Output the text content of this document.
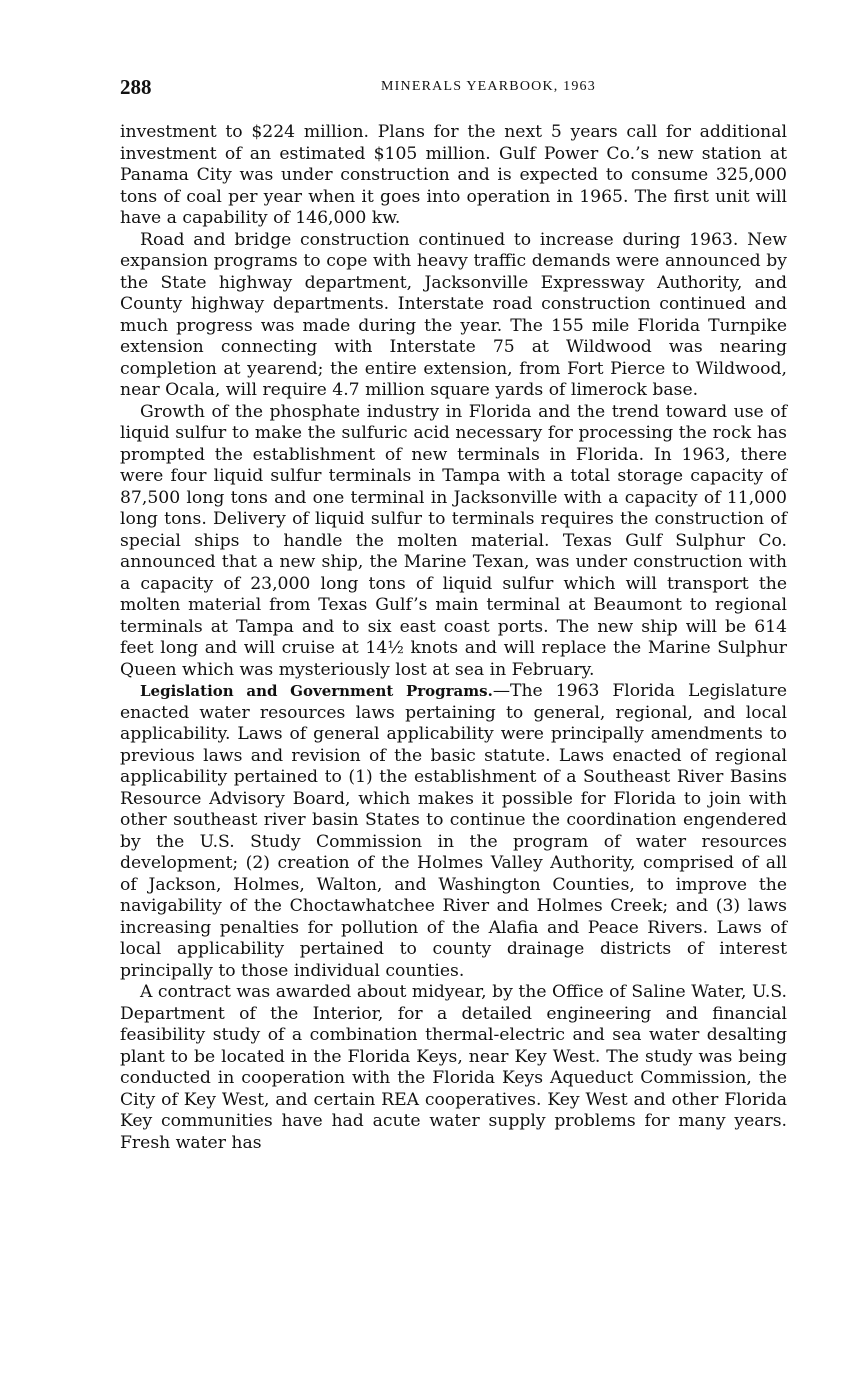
288	MINERALS YEARBOOK, 1963

investment to $224 million. Plans for the next 5 years call for additional investment of an estimated $105 million. Gulf Power Co.’s new station at Panama City was under construction and is expected to consume 325,000 tons of coal per year when it goes into operation in 1965. The first unit will have a capability of 146,000 kw.

Road and bridge construction continued to increase during 1963. New expansion programs to cope with heavy traffic demands were announced by the State highway department, Jacksonville Expressway Authority, and County highway departments. Interstate road construction continued and much progress was made during the year. The 155 mile Florida Turnpike extension connecting with Interstate 75 at Wildwood was nearing completion at yearend; the entire extension, from Fort Pierce to Wildwood, near Ocala, will require 4.7 million square yards of limerock base.

Growth of the phosphate industry in Florida and the trend toward use of liquid sulfur to make the sulfuric acid necessary for processing the rock has prompted the establishment of new terminals in Florida. In 1963, there were four liquid sulfur terminals in Tampa with a total storage capacity of 87,500 long tons and one terminal in Jacksonville with a capacity of 11,000 long tons. Delivery of liquid sulfur to terminals requires the construction of special ships to handle the molten material. Texas Gulf Sulphur Co. announced that a new ship, the Marine Texan, was under construction with a capacity of 23,000 long tons of liquid sulfur which will transport the molten material from Texas Gulf’s main terminal at Beaumont to regional terminals at Tampa and to six east coast ports. The new ship will be 614 feet long and will cruise at 14½ knots and will replace the Marine Sulphur Queen which was mysteriously lost at sea in February.

Legislation and Government Programs.—The 1963 Florida Legislature enacted water resources laws pertaining to general, regional, and local applicability. Laws of general applicability were principally amendments to previous laws and revision of the basic statute. Laws enacted of regional applicability pertained to (1) the establishment of a Southeast River Basins Resource Advisory Board, which makes it possible for Florida to join with other southeast river basin States to continue the coordination engendered by the U.S. Study Commission in the program of water resources development; (2) creation of the Holmes Valley Authority, comprised of all of Jackson, Holmes, Walton, and Washington Counties, to improve the navigability of the Choctawhatchee River and Holmes Creek; and (3) laws increasing penalties for pollution of the Alafia and Peace Rivers. Laws of local applicability pertained to county drainage districts of interest principally to those individual counties.

A contract was awarded about midyear, by the Office of Saline Water, U.S. Department of the Interior, for a detailed engineering and financial feasibility study of a combination thermal-electric and sea water desalting plant to be located in the Florida Keys, near Key West. The study was being conducted in cooperation with the Florida Keys Aqueduct Commission, the City of Key West, and certain REA cooperatives. Key West and other Florida Key communities have had acute water supply problems for many years. Fresh water has
